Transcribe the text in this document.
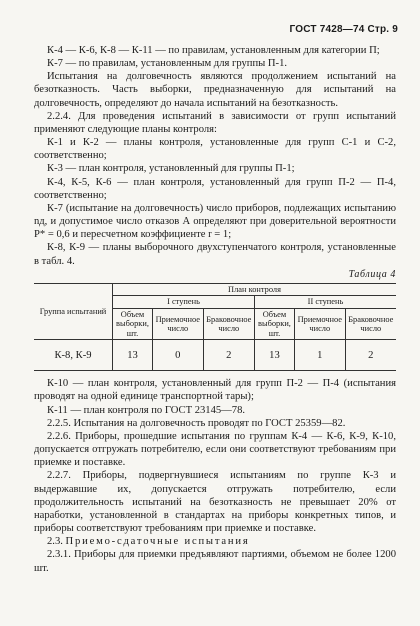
ГОСТ 7428—74 Стр. 9

К-4 — К-6, К-8 — К-11 — по правилам, установленным для категории П;

К-7 — по правилам, установленным для группы П-1.

Испытания на долговечность являются продолжением испытаний на безотказность. Часть выборки, предназначенную для испытаний на долговечность, определяют до начала испытаний на безотказность.

2.2.4. Для проведения испытаний в зависимости от групп испытаний применяют следующие планы контроля:

К-1 и К-2 — планы контроля, установленные для групп С-1 и С-2, соответственно;

К-3 — план контроля, установленный для группы П-1;

К-4, К-5, К-6 — план контроля, установленный для групп П-2 — П-4, соответственно;

К-7 (испытание на долговечность) число приборов, подлежащих испытанию nд, и допустимое число отказов А определяют при доверительной вероятности Р* = 0,6 и пересчетном коэффициенте r = 1;

К-8, К-9 — планы выборочного двухступенчатого контроля, установленные в табл. 4.

Таблица 4
Группа испытаний	План контроля					
	I ступень			II ступень		
	Объем выборки, шт.	Приемочное число	Браковочное число	Объем выборки, шт.	Приемочное число	Браковочное число
К-8, К-9	13	0	2	13	1	2

К-10 — план контроля, установленный для групп П-2 — П-4 (испытания проводят на одной единице транспортной тары);

К-11 — план контроля по ГОСТ 23145—78.

2.2.5. Испытания на долговечность проводят по ГОСТ 25359—82.

2.2.6. Приборы, прошедшие испытания по группам К-4 — К-6, К-9, К-10, допускается отгружать потребителю, если они соответствуют требованиям при приемке и поставке.

2.2.7. Приборы, подвергнувшиеся испытаниям по группе К-3 и выдержавшие их, допускается отгружать потребителю, если продолжительность испытаний на безотказность не превышает 20% от наработки, установленной в стандартах на приборы конкретных типов, и приборы соответствуют требованиям при приемке и поставке.

2.3. Приемо-сдаточные испытания

2.3.1. Приборы для приемки предъявляют партиями, объемом не более 1200 шт.
